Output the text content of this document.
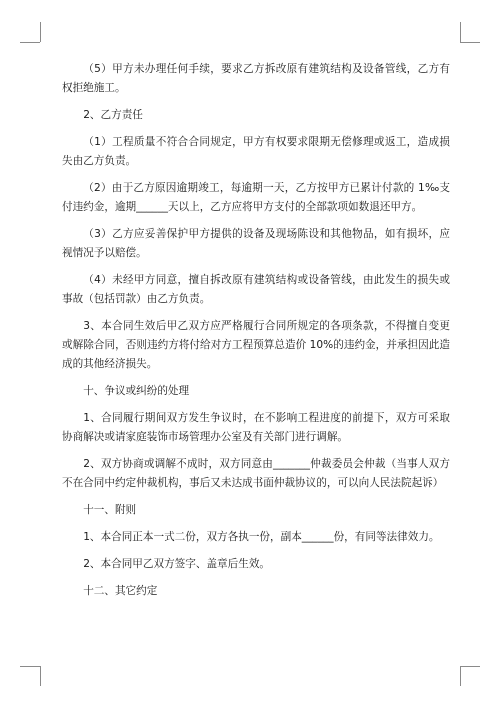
（5）甲方未办理任何手续，要求乙方拆改原有建筑结构及设备管线，乙方有权拒绝施工。

2、乙方责任

（1）工程质量不符合合同规定，甲方有权要求限期无偿修理或返工，造成损失由乙方负责。

（2）由于乙方原因逾期竣工，每逾期一天，乙方按甲方已累计付款的 1‰支付违约金，逾期______天以上，乙方应将甲方支付的全部款项如数退还甲方。

（3）乙方应妥善保护甲方提供的设备及现场陈设和其他物品，如有损坏，应视情况予以赔偿。

（4）未经甲方同意，擅自拆改原有建筑结构或设备管线，由此发生的损失或事故（包括罚款）由乙方负责。

3、本合同生效后甲乙双方应严格履行合同所规定的各项条款，不得擅自变更或解除合同，否则违约方将付给对方工程预算总造价 10%的违约金，并承担因此造成的其他经济损失。

十、争议或纠纷的处理

1、合同履行期间双方发生争议时，在不影响工程进度的前提下，双方可采取协商解决或请家庭装饰市场管理办公室及有关部门进行调解。

2、双方协商或调解不成时，双方同意由_______仲裁委员会仲裁（当事人双方不在合同中约定仲裁机构，事后又未达成书面仲裁协议的，可以向人民法院起诉）

十一、附则

1、本合同正本一式二份，双方各执一份，副本______份，有同等法律效力。

2、本合同甲乙双方签字、盖章后生效。

十二、其它约定
